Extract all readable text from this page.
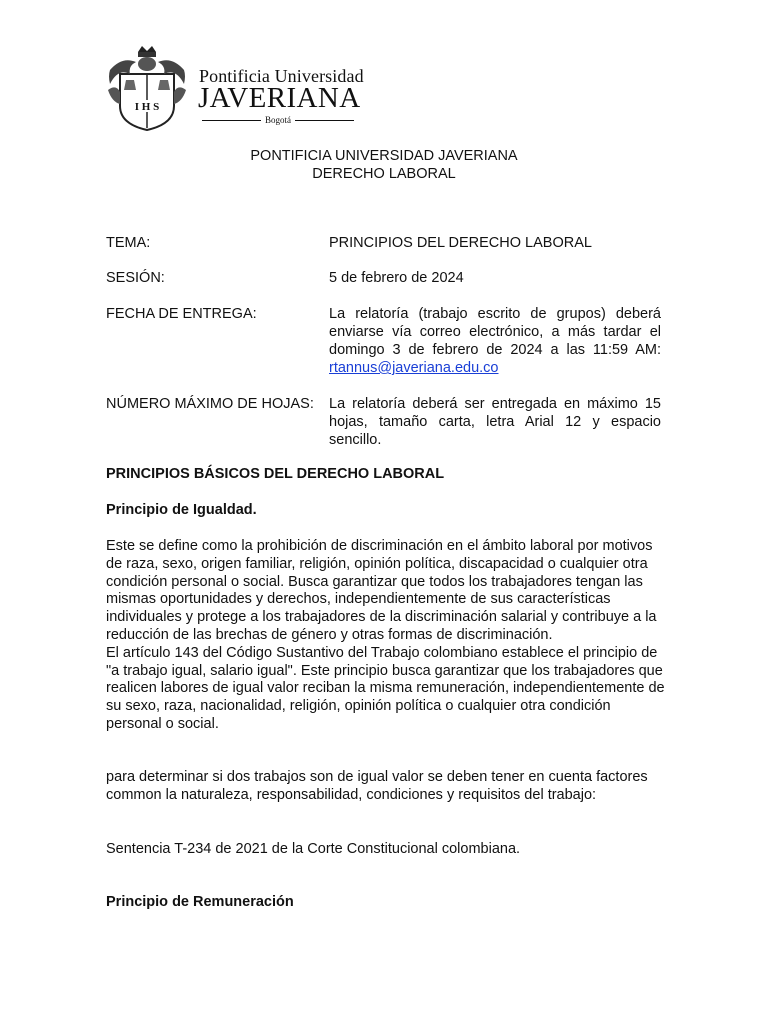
I H S
Pontificia Universidad
JAVERIANA
Bogotá
PONTIFICIA UNIVERSIDAD JAVERIANA
DERECHO LABORAL
TEMA:	PRINCIPIOS DEL DERECHO LABORAL
SESIÓN:	5 de febrero de 2024
FECHA DE ENTREGA:	La relatoría (trabajo escrito de grupos) deberá enviarse vía correo electrónico, a más tardar el domingo 3 de febrero de 2024 a las 11:59 AM: rtannus@javeriana.edu.co
NÚMERO MÁXIMO DE HOJAS: La relatoría deberá ser entregada en máximo 15 hojas, tamaño carta, letra Arial 12 y espacio sencillo.
PRINCIPIOS BÁSICOS DEL DERECHO LABORAL
Principio de Igualdad.

Este se define como la prohibición de discriminación en el ámbito laboral por motivos de raza, sexo, origen familiar, religión, opinión política, discapacidad o cualquier otra condición personal o social. Busca garantizar que todos los trabajadores tengan las mismas oportunidades y derechos, independientemente de sus características individuales y protege a los trabajadores de la discriminación salarial y contribuye a la reducción de las brechas de género y otras formas de discriminación.

El artículo 143 del Código Sustantivo del Trabajo colombiano establece el principio de "a trabajo igual, salario igual". Este principio busca garantizar que los trabajadores que realicen labores de igual valor reciban la misma remuneración, independientemente de su sexo, raza, nacionalidad, religión, opinión política o cualquier otra condición personal o social.

para determinar si dos trabajos son de igual valor se deben tener en cuenta factores common la naturaleza, responsabilidad, condiciones y requisitos del trabajo:

Sentencia T-234 de 2021 de la Corte Constitucional colombiana.

Principio de Remuneración
